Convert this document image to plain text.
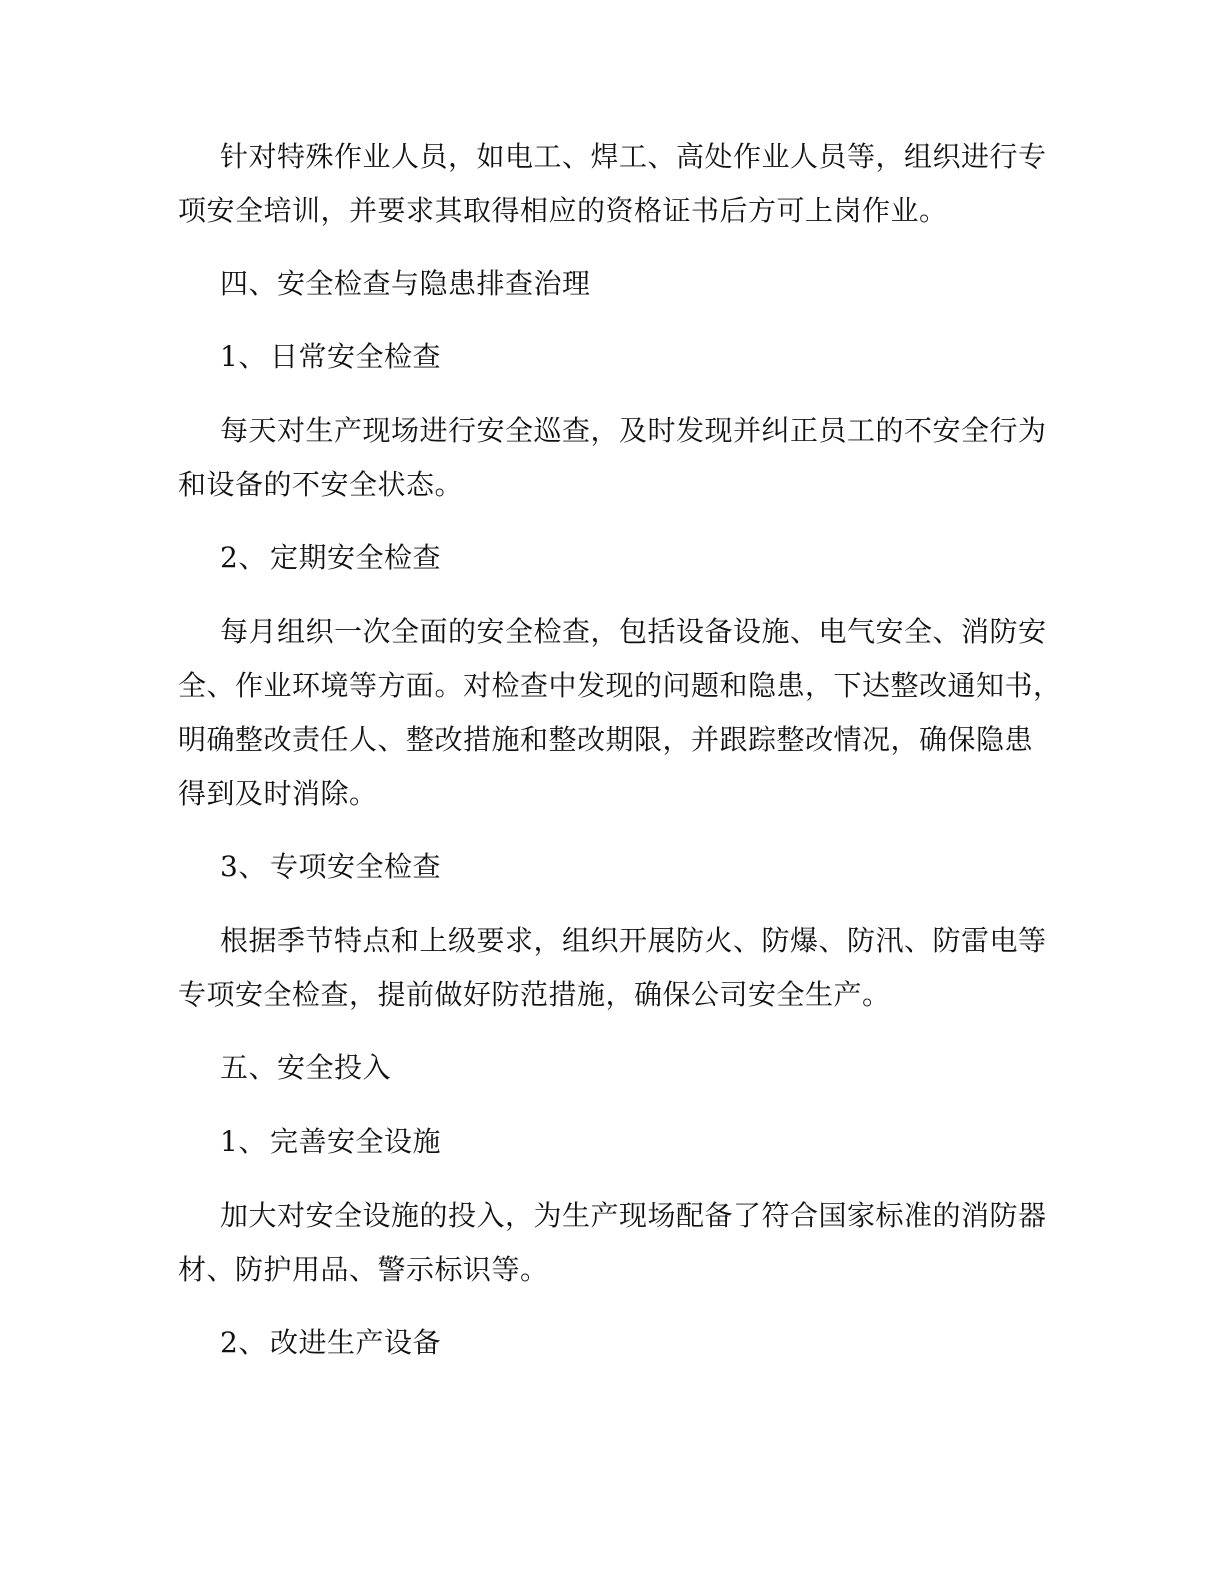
针对特殊作业人员，如电工、焊工、高处作业人员等，组织进行专
项安全培训，并要求其取得相应的资格证书后方可上岗作业。
四、安全检查与隐患排查治理
1、 日常安全检查
每天对生产现场进行安全巡查，及时发现并纠正员工的不安全行为
和设备的不安全状态。
2、 定期安全检查
每月组织一次全面的安全检查，包括设备设施、电气安全、消防安
全、作业环境等方面。对检查中发现的问题和隐患，下达整改通知书，
明确整改责任人、整改措施和整改期限，并跟踪整改情况，确保隐患
得到及时消除。
3、 专项安全检查
根据季节特点和上级要求，组织开展防火、防爆、防汛、防雷电等
专项安全检查，提前做好防范措施，确保公司安全生产。
五、安全投入
1、 完善安全设施
加大对安全设施的投入，为生产现场配备了符合国家标准的消防器
材、防护用品、警示标识等。
2、 改进生产设备
